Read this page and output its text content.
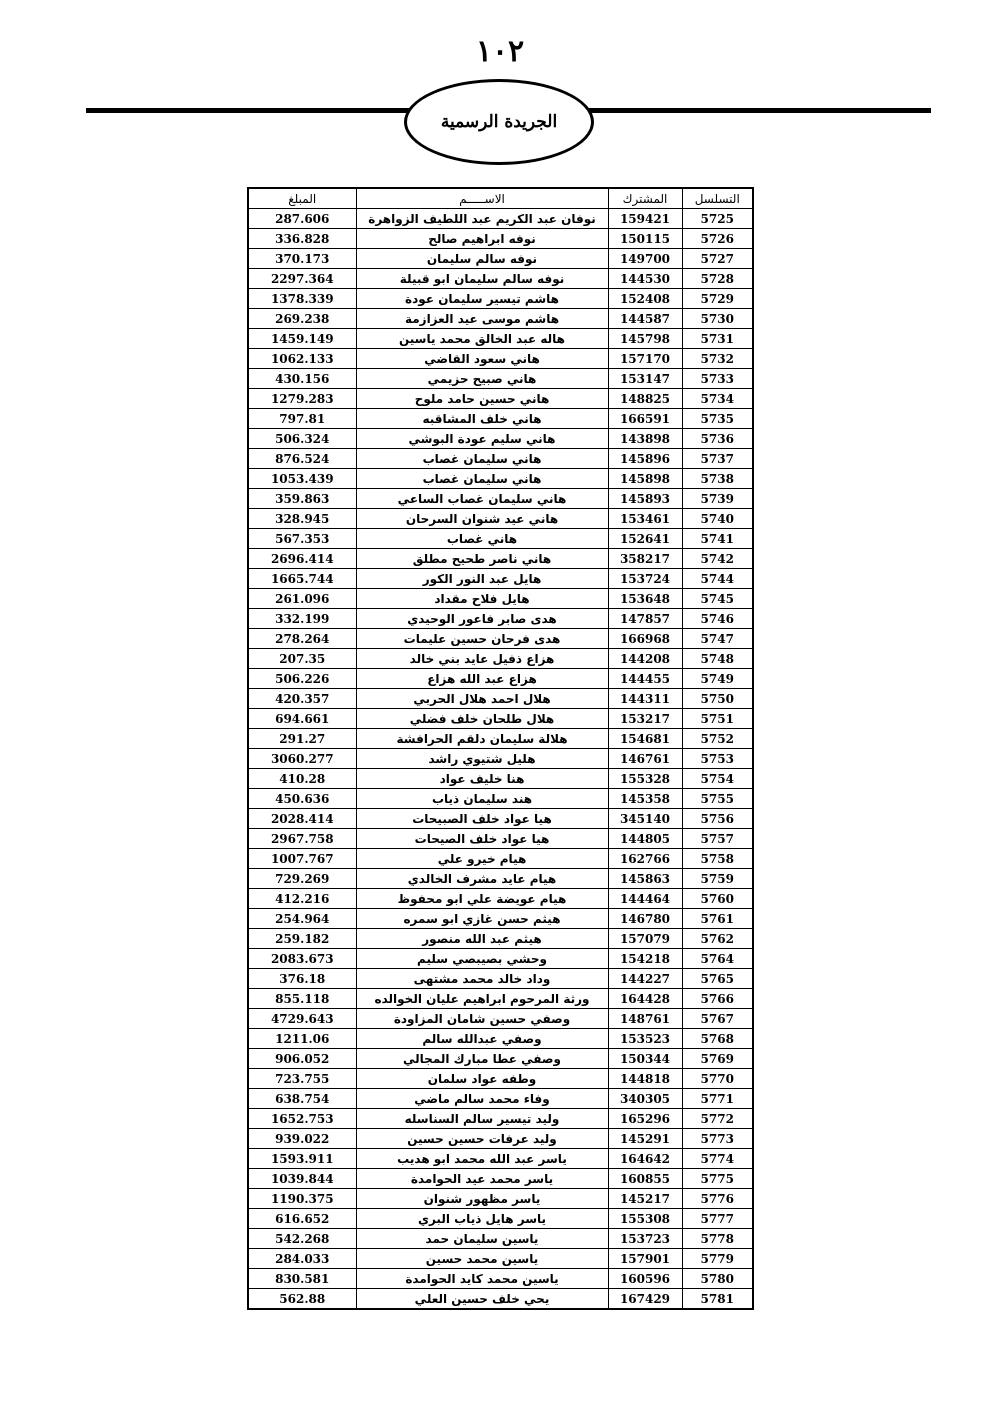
١٠٢
الجريدة الرسمية
التسلسل	المشترك	الاســـــم	المبلغ
5725	159421	نوفان عبد الكريم عبد اللطيف الزواهرة	287.606
5726	150115	نوفه ابراهيم صالح	336.828
5727	149700	نوفه سالم سليمان	370.173
5728	144530	نوفه سالم سليمان ابو قبيلة	2297.364
5729	152408	هاشم تيسير سليمان عودة	1378.339
5730	144587	هاشم موسى عيد العزازمة	269.238
5731	145798	هاله عبد الخالق محمد ياسين	1459.149
5732	157170	هاني سعود القاضي	1062.133
5733	153147	هاني صبيح حزيمي	430.156
5734	148825	هاني حسين حامد ملوح	1279.283
5735	166591	هاني خلف المشاقبه	797.81
5736	143898	هاني سليم عودة البوشي	506.324
5737	145896	هاني سليمان غصاب	876.524
5738	145898	هاني سليمان غصاب	1053.439
5739	145893	هاني سليمان غصاب الساعي	359.863
5740	153461	هاني عيد شنوان السرحان	328.945
5741	152641	هاني غصاب	567.353
5742	358217	هاني ناصر طحيح مطلق	2696.414
5744	153724	هايل عبد النور الكور	1665.744
5745	153648	هايل فلاح مقداد	261.096
5746	147857	هدى صابر فاعور الوحيدي	332.199
5747	166968	هدى فرحان حسين عليمات	278.264
5748	144208	هزاع ذفيل عايد بني خالد	207.35
5749	144455	هزاع عبد الله هزاع	506.226
5750	144311	هلال احمد هلال الحربي	420.357
5751	153217	هلال طلحان خلف فضلي	694.661
5752	154681	هلالة سليمان دلقم الحرافشة	291.27
5753	146761	هليل شتيوي راشد	3060.277
5754	155328	هنا خليف عواد	410.28
5755	145358	هند سليمان ذياب	450.636
5756	345140	هيا عواد خلف الصبيحات	2028.414
5757	144805	هيا عواد خلف الصيحات	2967.758
5758	162766	هيام خيرو علي	1007.767
5759	145863	هيام عايد مشرف الخالدي	729.269
5760	144464	هيام عويضة علي ابو محفوظ	412.216
5761	146780	هيثم حسن غازي ابو سمره	254.964
5762	157079	هيثم عبد الله منصور	259.182
5764	154218	وحشي بصيبصي سليم	2083.673
5765	144227	وداد خالد محمد مشتهى	376.18
5766	164428	ورثة المرحوم ابراهيم عليان الخوالده	855.118
5767	148761	وصفي حسين شامان المزاودة	4729.643
5768	153523	وصفي عبدالله سالم	1211.06
5769	150344	وصفي عطا مبارك المجالي	906.052
5770	144818	وطفه عواد سلمان	723.755
5771	340305	وفاء محمد سالم ماضي	638.754
5772	165296	وليد تيسير سالم السناسله	1652.753
5773	145291	وليد عرفات حسين حسين	939.022
5774	164642	ياسر عبد الله محمد ابو هديب	1593.911
5775	160855	ياسر محمد عيد الحوامدة	1039.844
5776	145217	ياسر مظهور شنوان	1190.375
5777	155308	ياسر هايل ذياب البري	616.652
5778	153723	ياسين سليمان حمد	542.268
5779	157901	ياسين محمد حسين	284.033
5780	160596	ياسين محمد كايد الحوامدة	830.581
5781	167429	يحي خلف حسين العلي	562.88
